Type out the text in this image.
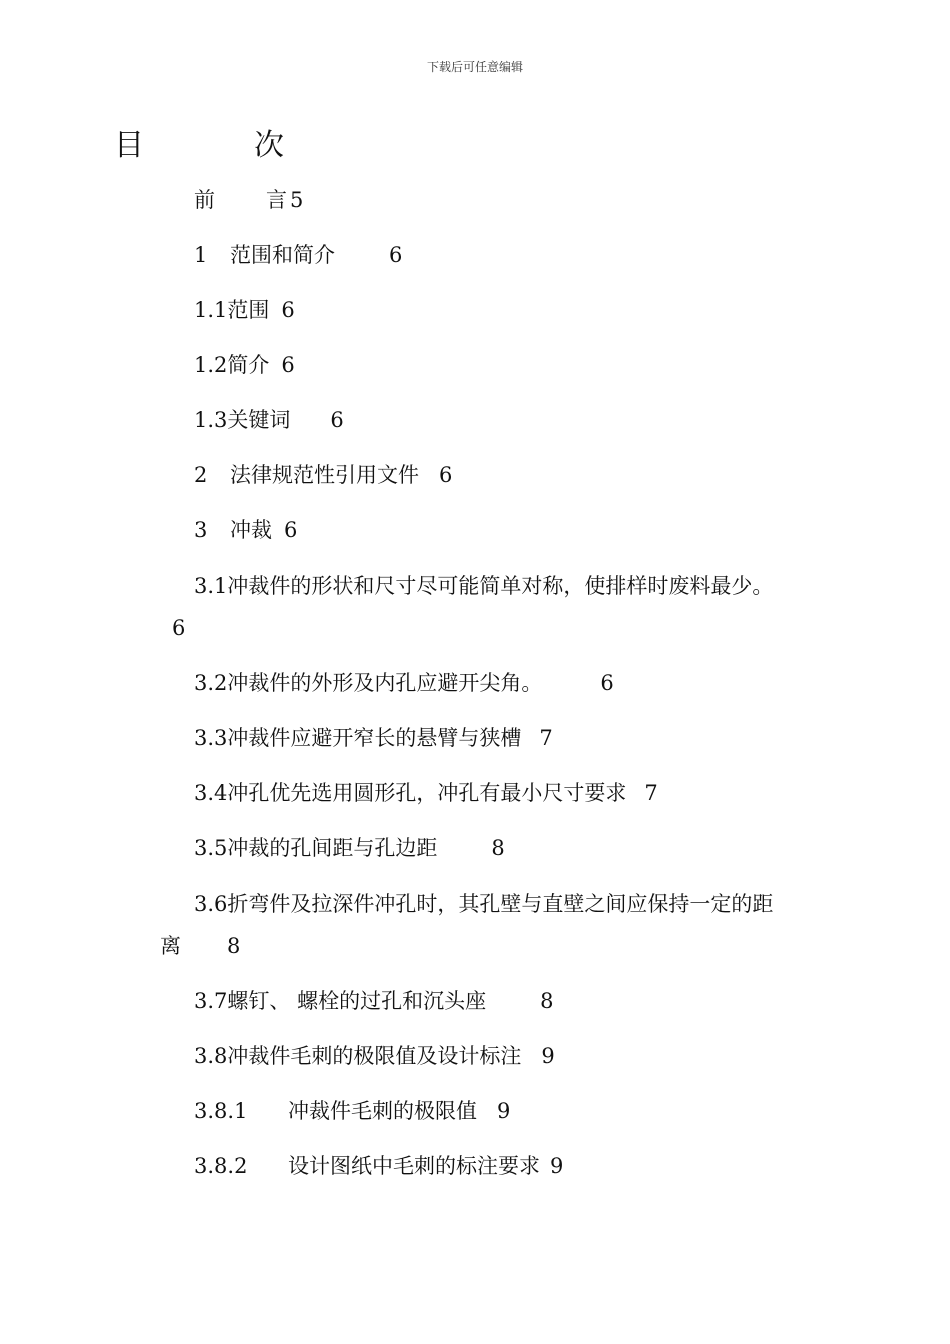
下载后可任意编辑
目	次
前　　言5
1 范围和简介	6
1.1范围 6
1.2简介 6
1.3关键词 6
2 法律规范性引用文件 6
3 冲裁 6
3.1冲裁件的形状和尺寸尽可能简单对称，使排样时废料最少。
6
3.2冲裁件的外形及内孔应避开尖角。	6
3.3冲裁件应避开窄长的悬臂与狭槽 7
3.4冲孔优先选用圆形孔，冲孔有最小尺寸要求 7
3.5冲裁的孔间距与孔边距	8
3.6折弯件及拉深件冲孔时，其孔壁与直壁之间应保持一定的距
离 8
3.7螺钉、 螺栓的过孔和沉头座	8
3.8冲裁件毛刺的极限值及设计标注 9
3.8.1 冲裁件毛刺的极限值 9
3.8.2 设计图纸中毛刺的标注要求 9
